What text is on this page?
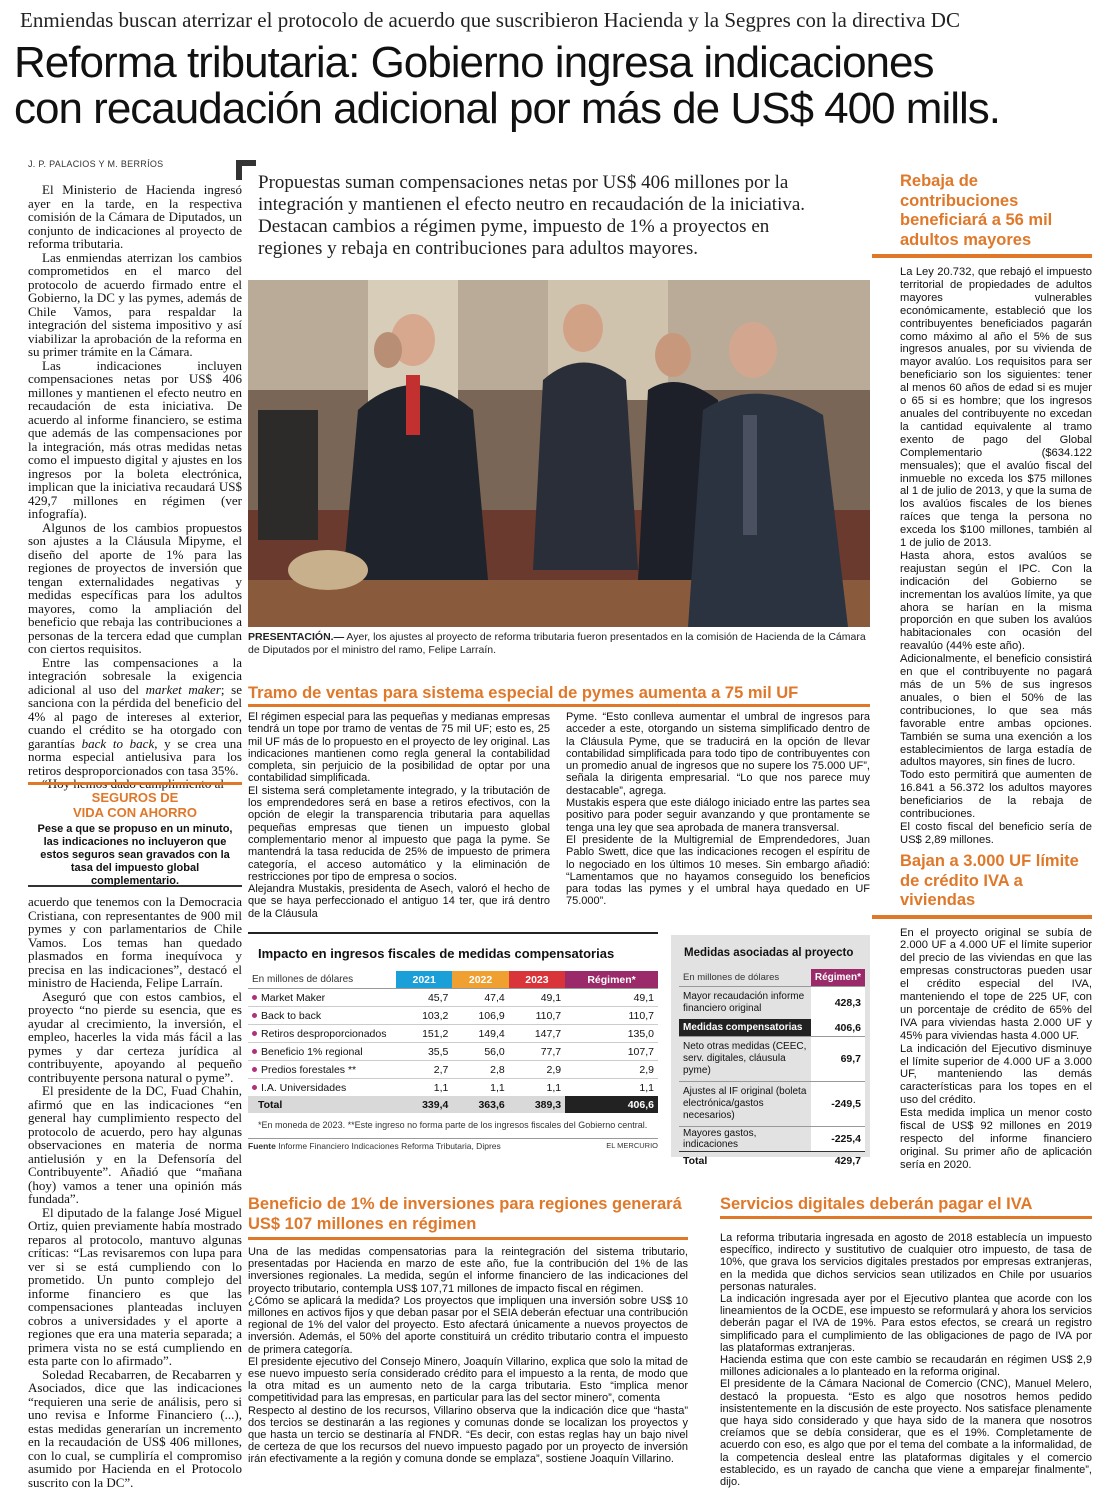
Enmiendas buscan aterrizar el protocolo de acuerdo que suscribieron Hacienda y la Segpres con la directiva DC
Reforma tributaria: Gobierno ingresa indicaciones
con recaudación adicional por más de US$ 400 mills.
J. P. PALACIOS Y M. BERRÍOS

El Ministerio de Hacienda ingresó ayer en la tarde, en la respectiva comisión de la Cámara de Diputados, un conjunto de indicaciones al proyecto de reforma tributaria.

Las enmiendas aterrizan los cambios comprometidos en el marco del protocolo de acuerdo firmado entre el Gobierno, la DC y las pymes, además de Chile Vamos, para respaldar la integración del sistema impositivo y así viabilizar la aprobación de la reforma en su primer trámite en la Cámara.

Las indicaciones incluyen compensaciones netas por US$ 406 millones y mantienen el efecto neutro en recaudación de esta iniciativa. De acuerdo al informe financiero, se estima que además de las compensaciones por la integración, más otras medidas netas como el impuesto digital y ajustes en los ingresos por la boleta electrónica, implican que la iniciativa recaudará US$ 429,7 millones en régimen (ver infografía).

Algunos de los cambios propuestos son ajustes a la Cláusula Mipyme, el diseño del aporte de 1% para las regiones de proyectos de inversión que tengan externalidades negativas y medidas específicas para los adultos mayores, como la ampliación del beneficio que rebaja las contribuciones a personas de la tercera edad que cumplan con ciertos requisitos.

Entre las compensaciones a la integración sobresale la exigencia adicional al uso del market maker; se sanciona con la pérdida del beneficio del 4% al pago de intereses al exterior, cuando el crédito se ha otorgado con garantías back to back, y se crea una norma especial antielusiva para los retiros desproporcionados con tasa 35%.

“Hoy hemos dado cumplimiento al

SEGUROS DE
VIDA CON AHORRO
Pese a que se propuso en un minuto, las indicaciones no incluyeron que estos seguros sean gravados con la tasa del impuesto global complementario.

acuerdo que tenemos con la Democracia Cristiana, con representantes de 900 mil pymes y con parlamentarios de Chile Vamos. Los temas han quedado plasmados en forma inequívoca y precisa en las indicaciones”, destacó el ministro de Hacienda, Felipe Larraín.

Aseguró que con estos cambios, el proyecto “no pierde su esencia, que es ayudar al crecimiento, la inversión, el empleo, hacerles la vida más fácil a las pymes y dar certeza jurídica al contribuyente, apoyando al pequeño contribuyente persona natural o pyme”.

El presidente de la DC, Fuad Chahin, afirmó que en las indicaciones “en general hay cumplimiento respecto del protocolo de acuerdo, pero hay algunas observaciones en materia de norma antielusión y en la Defensoría del Contribuyente”. Añadió que “mañana (hoy) vamos a tener una opinión más fundada”.

El diputado de la falange José Miguel Ortiz, quien previamente había mostrado reparos al protocolo, mantuvo algunas críticas: “Las revisaremos con lupa para ver si se está cumpliendo con lo prometido. Un punto complejo del informe financiero es que las compensaciones planteadas incluyen cobros a universidades y el aporte a regiones que era una materia separada; a primera vista no se está cumpliendo en esta parte con lo afirmado”.

Soledad Recabarren, de Recabarren y Asociados, dice que las indicaciones “requieren una serie de análisis, pero si uno revisa e Informe Financiero (...), estas medidas generarían un incremento en la recaudación de US$ 406 millones, con lo cual, se cumpliría el compromiso asumido por Hacienda en el Protocolo suscrito con la DC”.

Propuestas suman compensaciones netas por US$ 406 millones por la integración y mantienen el efecto neutro en recaudación de la iniciativa. Destacan cambios a régimen pyme, impuesto de 1% a proyectos en regiones y rebaja en contribuciones para adultos mayores.
PRESENTACIÓN.— Ayer, los ajustes al proyecto de reforma tributaria fueron presentados en la comisión de Hacienda de la Cámara de Diputados por el ministro del ramo, Felipe Larraín.
Rebaja de contribuciones beneficiará a 56 mil adultos mayores

La Ley 20.732, que rebajó el impuesto territorial de propiedades de adultos mayores vulnerables económicamente, estableció que los contribuyentes beneficiados pagarán como máximo al año el 5% de sus ingresos anuales, por su vivienda de mayor avalúo. Los requisitos para ser beneficiario son los siguientes: tener al menos 60 años de edad si es mujer o 65 si es hombre; que los ingresos anuales del contribuyente no excedan la cantidad equivalente al tramo exento de pago del Global Complementario ($634.122 mensuales); que el avalúo fiscal del inmueble no exceda los $75 millones al 1 de julio de 2013, y que la suma de los avalúos fiscales de los bienes raíces que tenga la persona no exceda los $100 millones, también al 1 de julio de 2013.

Hasta ahora, estos avalúos se reajustan según el IPC. Con la indicación del Gobierno se incrementan los avalúos límite, ya que ahora se harían en la misma proporción en que suben los avalúos habitacionales con ocasión del reavalúo (44% este año).

Adicionalmente, el beneficio consistirá en que el contribuyente no pagará más de un 5% de sus ingresos anuales, o bien el 50% de las contribuciones, lo que sea más favorable entre ambas opciones. También se suma una exención a los establecimientos de larga estadía de adultos mayores, sin fines de lucro.

Todo esto permitirá que aumenten de 16.841 a 56.372 los adultos mayores beneficiarios de la rebaja de contribuciones.

El costo fiscal del beneficio sería de US$ 2,89 millones.

Bajan a 3.000 UF límite de crédito IVA a viviendas

En el proyecto original se subía de 2.000 UF a 4.000 UF el límite superior del precio de las viviendas en que las empresas constructoras pueden usar el crédito especial del IVA, manteniendo el tope de 225 UF, con un porcentaje de crédito de 65% del IVA para viviendas hasta 2.000 UF y 45% para viviendas hasta 4.000 UF.

La indicación del Ejecutivo disminuye el límite superior de 4.000 UF a 3.000 UF, manteniendo las demás características para los topes en el uso del crédito.

Esta medida implica un menor costo fiscal de US$ 92 millones en 2019 respecto del informe financiero original. Su primer año de aplicación sería en 2020.

Tramo de ventas para sistema especial de pymes aumenta a 75 mil UF

El régimen especial para las pequeñas y medianas empresas tendrá un tope por tramo de ventas de 75 mil UF; esto es, 25 mil UF más de lo propuesto en el proyecto de ley original. Las indicaciones mantienen como regla general la contabilidad completa, sin perjuicio de la posibilidad de optar por una contabilidad simplificada.

El sistema será completamente integrado, y la tributación de los emprendedores será en base a retiros efectivos, con la opción de elegir la transparencia tributaria para aquellas pequeñas empresas que tienen un impuesto global complementario menor al impuesto que paga la pyme. Se mantendrá la tasa reducida de 25% de impuesto de primera categoría, el acceso automático y la eliminación de restricciones por tipo de empresa o socios.

Alejandra Mustakis, presidenta de Asech, valoró el hecho de que se haya perfeccionado el antiguo 14 ter, que irá dentro de la Cláusula

Pyme. “Esto conlleva aumentar el umbral de ingresos para acceder a este, otorgando un sistema simplificado dentro de la Cláusula Pyme, que se traducirá en la opción de llevar contabilidad simplificada para todo tipo de contribuyentes con un promedio anual de ingresos que no supere los 75.000 UF”, señala la dirigenta empresarial. “Lo que nos parece muy destacable”, agrega.

Mustakis espera que este diálogo iniciado entre las partes sea positivo para poder seguir avanzando y que prontamente se tenga una ley que sea aprobada de manera transversal.

El presidente de la Multigremial de Emprendedores, Juan Pablo Swett, dice que las indicaciones recogen el espíritu de lo negociado en los últimos 10 meses. Sin embargo añadió: “Lamentamos que no hayamos conseguido los beneficios para todas las pymes y el umbral haya quedado en UF 75.000”.

Impacto en ingresos fiscales de medidas compensatorias
En millones de dólares	2021	2022	2023	Régimen*
Market Maker	45,7	47,4	49,1	49,1
Back to back	103,2	106,9	110,7	110,7
Retiros desproporcionados	151,2	149,4	147,7	135,0
Beneficio 1% regional	35,5	56,0	77,7	107,7
Predios forestales **	2,7	2,8	2,9	2,9
I.A. Universidades	1,1	1,1	1,1	1,1
Total	339,4	363,6	389,3	406,6
*En moneda de 2023. **Este ingreso no forma parte de los ingresos fiscales del Gobierno central.
Fuente Informe Financiero Indicaciones Reforma Tributaria, Dipres	EL MERCURIO
Medidas asociadas al proyecto
En millones de dólares	Régimen*
Mayor recaudación informe financiero original	428,3
Medidas compensatorias	406,6
Neto otras medidas (CEEC, serv. digitales, cláusula pyme)	69,7
Ajustes al IF original (boleta electrónica/gastos necesarios)	-249,5
Mayores gastos, indicaciones	-225,4
Total	429,7
Beneficio de 1% de inversiones para regiones generará US$ 107 millones en régimen

Una de las medidas compensatorias para la reintegración del sistema tributario, presentadas por Hacienda en marzo de este año, fue la contribución del 1% de las inversiones regionales. La medida, según el informe financiero de las indicaciones del proyecto tributario, contempla US$ 107,71 millones de impacto fiscal en régimen.

¿Cómo se aplicará la medida? Los proyectos que impliquen una inversión sobre US$ 10 millones en activos fijos y que deban pasar por el SEIA deberán efectuar una contribución regional de 1% del valor del proyecto. Esto afectará únicamente a nuevos proyectos de inversión. Además, el 50% del aporte constituirá un crédito tributario contra el impuesto de primera categoría.

El presidente ejecutivo del Consejo Minero, Joaquín Villarino, explica que solo la mitad de ese nuevo impuesto sería considerado crédito para el impuesto a la renta, de modo que la otra mitad es un aumento neto de la carga tributaria. Esto “implica menor competitividad para las empresas, en particular para las del sector minero”, comenta

Respecto al destino de los recursos, Villarino observa que la indicación dice que “hasta” dos tercios se destinarán a las regiones y comunas donde se localizan los proyectos y que hasta un tercio se destinaría al FNDR. “Es decir, con estas reglas hay un bajo nivel de certeza de que los recursos del nuevo impuesto pagado por un proyecto de inversión irán efectivamente a la región y comuna donde se emplaza”, sostiene Joaquín Villarino.

Servicios digitales deberán pagar el IVA

La reforma tributaria ingresada en agosto de 2018 establecía un impuesto específico, indirecto y sustitutivo de cualquier otro impuesto, de tasa de 10%, que grava los servicios digitales prestados por empresas extranjeras, en la medida que dichos servicios sean utilizados en Chile por usuarios personas naturales.

La indicación ingresada ayer por el Ejecutivo plantea que acorde con los lineamientos de la OCDE, ese impuesto se reformulará y ahora los servicios deberán pagar el IVA de 19%. Para estos efectos, se creará un registro simplificado para el cumplimiento de las obligaciones de pago de IVA por las plataformas extranjeras.

Hacienda estima que con este cambio se recaudarán en régimen US$ 2,9 millones adicionales a lo planteado en la reforma original.

El presidente de la Cámara Nacional de Comercio (CNC), Manuel Melero, destacó la propuesta. “Esto es algo que nosotros hemos pedido insistentemente en la discusión de este proyecto. Nos satisface plenamente que haya sido considerado y que haya sido de la manera que nosotros creíamos que se debía considerar, que es el 19%. Completamente de acuerdo con eso, es algo que por el tema del combate a la informalidad, de la competencia desleal entre las plataformas digitales y el comercio establecido, es un rayado de cancha que viene a emparejar finalmente”, dijo.
